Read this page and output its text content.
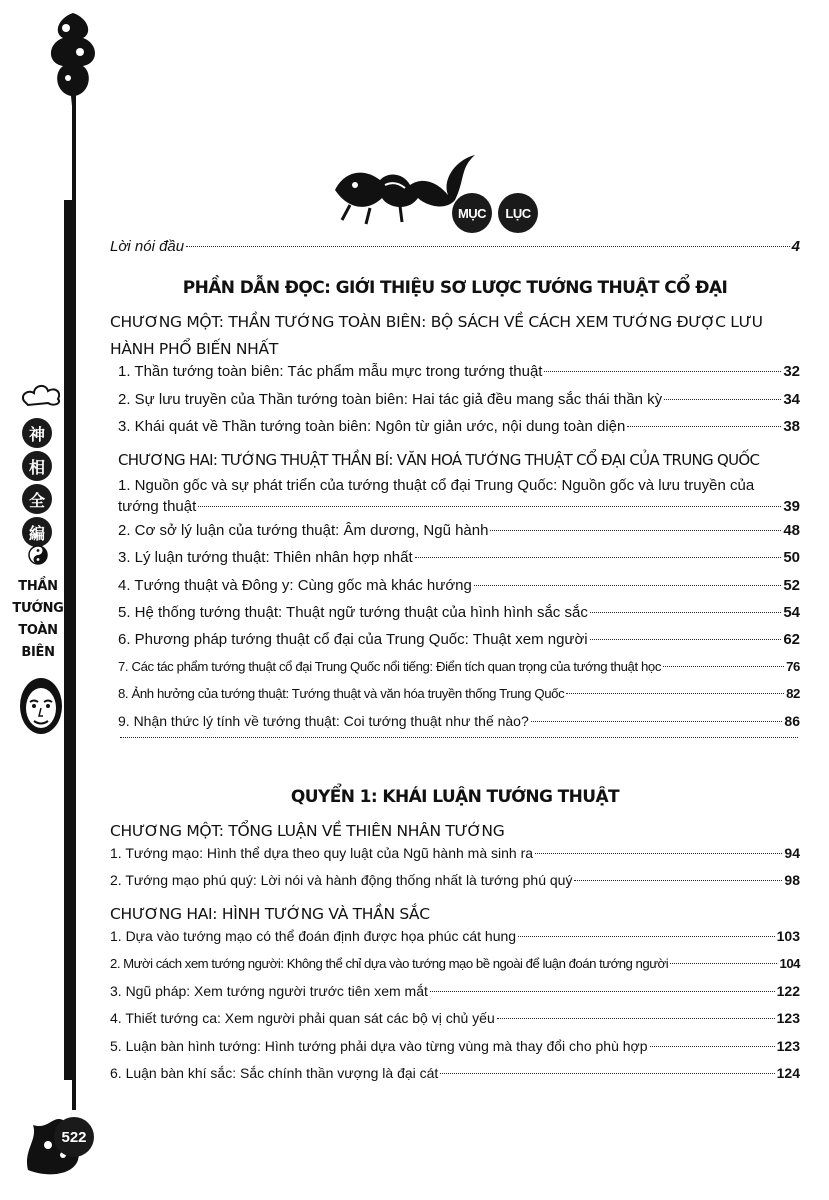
神
相
全
編
THẦN
TƯỚNG
TOÀN
BIÊN
522
MỤC	LỤC
Lời nói đầu	4
PHẦN DẪN ĐỌC: GIỚI THIỆU SƠ LƯỢC TƯỚNG THUẬT CỔ ĐẠI
CHƯƠNG MỘT: THẦN TƯỚNG TOÀN BIÊN: BỘ SÁCH VỀ CÁCH XEM TƯỚNG ĐƯỢC LƯU HÀNH PHỔ BIẾN NHẤT
1. Thần tướng toàn biên: Tác phẩm mẫu mực trong tướng thuật	32
2. Sự lưu truyền của Thần tướng toàn biên: Hai tác giả đều mang sắc thái thần kỳ	34
3. Khái quát về Thần tướng toàn biên: Ngôn từ giản ước, nội dung toàn diện	38
CHƯƠNG HAI: TƯỚNG THUẬT THẦN BÍ: VĂN HOÁ TƯỚNG THUẬT CỔ ĐẠI CỦA TRUNG QUỐC
1. Nguồn gốc và sự phát triển của tướng thuật cổ đại Trung Quốc: Nguồn gốc và lưu truyền của
tướng thuật	39
2. Cơ sở lý luận của tướng thuật: Âm dương, Ngũ hành	48
3. Lý luận tướng thuật: Thiên nhân hợp nhất	50
4. Tướng thuật và Đông y: Cùng gốc mà khác hướng	52
5. Hệ thống tướng thuật: Thuật ngữ tướng thuật của hình hình sắc sắc	54
6. Phương pháp tướng thuật cổ đại của Trung Quốc: Thuật xem người	62
7. Các tác phẩm tướng thuật cổ đại Trung Quốc nổi tiếng: Điển tích quan trọng của tướng thuật học	76
8. Ảnh hưởng của tướng thuật: Tướng thuật và văn hóa truyền thống Trung Quốc	82
9. Nhận thức lý tính về tướng thuật: Coi tướng thuật như thế nào?	86
QUYỂN 1: KHÁI LUẬN TƯỚNG THUẬT
CHƯƠNG MỘT: TỔNG LUẬN VỀ THIÊN NHÂN TƯỚNG
1. Tướng mạo: Hình thể dựa theo quy luật của Ngũ hành mà sinh ra	94
2. Tướng mạo phú quý: Lời nói và hành động thống nhất là tướng phú quý	98
CHƯƠNG HAI: HÌNH TƯỚNG VÀ THẦN SẮC
1. Dựa vào tướng mạo có thể đoán định được họa phúc cát hung	103
2. Mười cách xem tướng người: Không thể chỉ dựa vào tướng mạo bề ngoài để luận đoán tướng người	104
3. Ngũ pháp: Xem tướng người trước tiên xem mắt	122
4. Thiết tướng ca: Xem người phải quan sát các bộ vị chủ yếu	123
5. Luận bàn hình tướng: Hình tướng phải dựa vào từng vùng mà thay đổi cho phù hợp	123
6. Luận bàn khí sắc: Sắc chính thần vượng là đại cát	124
